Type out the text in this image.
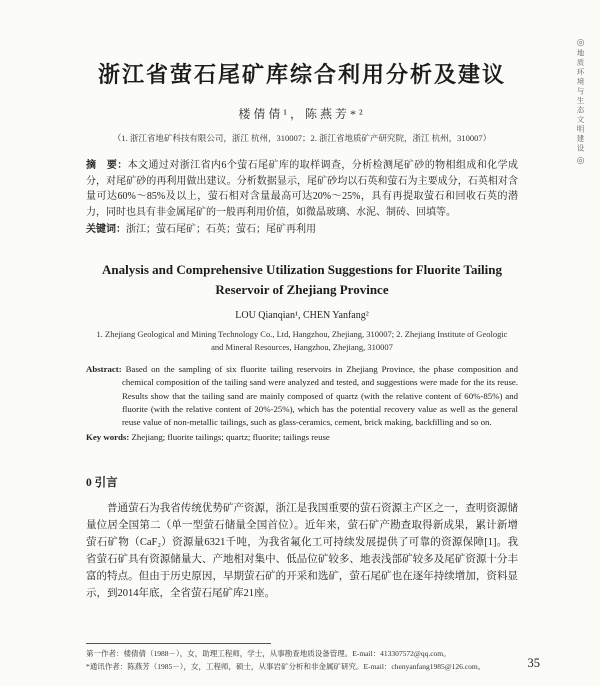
◎
地质环境与生态文明建设
◎
浙江省萤石尾矿库综合利用分析及建议
楼倩倩¹，陈燕芳*²
（1. 浙江省地矿科技有限公司，浙江 杭州，310007；2. 浙江省地质矿产研究院，浙江 杭州，310007）

摘　要：本文通过对浙江省内6个萤石尾矿库的取样调查，分析检测尾矿砂的物相组成和化学成分，对尾矿砂的再利用做出建议。分析数据显示，尾矿砂均以石英和萤石为主要成分，石英相对含量可达60%～85%及以上，萤石相对含量最高可达20%～25%，具有再提取萤石和回收石英的潜力，同时也具有非金属尾矿的一般再利用价值，如微晶玻璃、水泥、制砖、回填等。

关键词：浙江；萤石尾矿；石英；萤石；尾矿再利用

Analysis and Comprehensive Utilization Suggestions for Fluorite Tailing Reservoir of Zhejiang Province
LOU Qianqian¹, CHEN Yanfang²
1. Zhejiang Geological and Mining Technology Co., Ltd, Hangzhou, Zhejiang, 310007; 2. Zhejiang Institute of Geologic and Mineral Resources, Hangzhou, Zhejiang, 310007

Abstract: Based on the sampling of six fluorite tailing reservoirs in Zhejiang Province, the phase composition and chemical composition of the tailing sand were analyzed and tested, and suggestions were made for the its reuse. Results show that the tailing sand are mainly composed of quartz (with the relative content of 60%-85%) and fluorite (with the relative content of 20%-25%), which has the potential recovery value as well as the general reuse value of non-metallic tailings, such as glass-ceramics, cement, brick making, backfilling and so on.

Key words: Zhejiang; fluorite tailings; quartz; fluorite; tailings reuse

0 引言

普通萤石为我省传统优势矿产资源，浙江是我国重要的萤石资源主产区之一，查明资源储量位居全国第二（单一型萤石储量全国首位）。近年来，萤石矿产勘查取得新成果，累计新增萤石矿物（CaF₂）资源量6321千吨，为我省氟化工可持续发展提供了可靠的资源保障[1]。我省萤石矿具有资源储量大、产地相对集中、低品位矿较多、地表浅部矿较多及尾矿资源十分丰富的特点。但由于历史原因，早期萤石矿的开采和选矿，萤石尾矿也在逐年持续增加，资料显示，到2014年底，全省萤石尾矿库21座。

第一作者：楼倩倩（1988－），女，助理工程师，学士，从事勘查地质设备管理。E-mail：413307572@qq.com。

*通讯作者：陈燕芳（1985－），女，工程师，硕士，从事岩矿分析和非金属矿研究。E-mail：chenyanfang1985@126.com。	35
